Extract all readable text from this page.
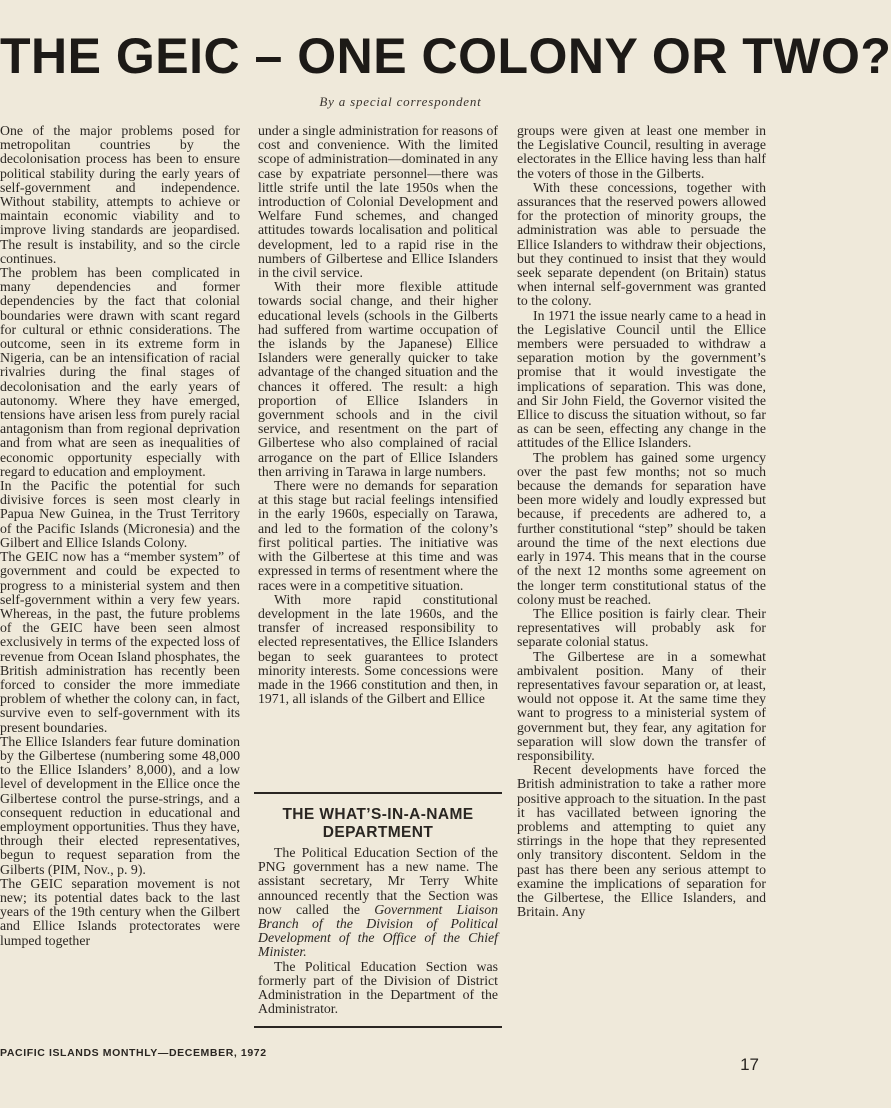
THE GEIC – ONE COLONY OR TWO?
By a special correspondent

One of the major problems posed for metropolitan countries by the decolonisation process has been to ensure political stability during the early years of self-government and independence. Without stability, attempts to achieve or maintain economic viability and to improve living standards are jeopardised. The result is instability, and so the circle continues.

The problem has been complicated in many dependencies and former dependencies by the fact that colonial boundaries were drawn with scant regard for cultural or ethnic considerations. The outcome, seen in its extreme form in Nigeria, can be an intensification of racial rivalries during the final stages of decolonisation and the early years of autonomy. Where they have emerged, tensions have arisen less from purely racial antagonism than from regional deprivation and from what are seen as inequalities of economic opportunity especially with regard to education and employment.

In the Pacific the potential for such divisive forces is seen most clearly in Papua New Guinea, in the Trust Territory of the Pacific Islands (Micronesia) and the Gilbert and Ellice Islands Colony.

The GEIC now has a “member system” of government and could be expected to progress to a ministerial system and then self-government within a very few years. Whereas, in the past, the future problems of the GEIC have been seen almost exclusively in terms of the expected loss of revenue from Ocean Island phosphates, the British administration has recently been forced to consider the more immediate problem of whether the colony can, in fact, survive even to self-government with its present boundaries.

The Ellice Islanders fear future domination by the Gilbertese (numbering some 48,000 to the Ellice Islanders’ 8,000), and a low level of development in the Ellice once the Gilbertese control the purse-strings, and a consequent reduction in educational and employment opportunities. Thus they have, through their elected representatives, begun to request separation from the Gilberts (PIM, Nov., p. 9).

The GEIC separation movement is not new; its potential dates back to the last years of the 19th century when the Gilbert and Ellice Islands protectorates were lumped together

under a single administration for reasons of cost and convenience. With the limited scope of administration—dominated in any case by expatriate personnel—there was little strife until the late 1950s when the introduction of Colonial Development and Welfare Fund schemes, and changed attitudes towards localisation and political development, led to a rapid rise in the numbers of Gilbertese and Ellice Islanders in the civil service.

With their more flexible attitude towards social change, and their higher educational levels (schools in the Gilberts had suffered from wartime occupation of the islands by the Japanese) Ellice Islanders were generally quicker to take advantage of the changed situation and the chances it offered. The result: a high proportion of Ellice Islanders in government schools and in the civil service, and resentment on the part of Gilbertese who also complained of racial arrogance on the part of Ellice Islanders then arriving in Tarawa in large numbers.

There were no demands for separation at this stage but racial feelings intensified in the early 1960s, especially on Tarawa, and led to the formation of the colony’s first political parties. The initiative was with the Gilbertese at this time and was expressed in terms of resentment where the races were in a competitive situation.

With more rapid constitutional development in the late 1960s, and the transfer of increased responsibility to elected representatives, the Ellice Islanders began to seek guarantees to protect minority interests. Some concessions were made in the 1966 constitution and then, in 1971, all islands of the Gilbert and Ellice

THE WHAT’S-IN-A-NAME DEPARTMENT

The Political Education Section of the PNG government has a new name. The assistant secretary, Mr Terry White announced recently that the Section was now called the Government Liaison Branch of the Division of Political Development of the Office of the Chief Minister.

The Political Education Section was formerly part of the Division of District Administration in the Department of the Administrator.

groups were given at least one member in the Legislative Council, resulting in average electorates in the Ellice having less than half the voters of those in the Gilberts.

With these concessions, together with assurances that the reserved powers allowed for the protection of minority groups, the administration was able to persuade the Ellice Islanders to withdraw their objections, but they continued to insist that they would seek separate dependent (on Britain) status when internal self-government was granted to the colony.

In 1971 the issue nearly came to a head in the Legislative Council until the Ellice members were persuaded to withdraw a separation motion by the government’s promise that it would investigate the implications of separation. This was done, and Sir John Field, the Governor visited the Ellice to discuss the situation without, so far as can be seen, effecting any change in the attitudes of the Ellice Islanders.

The problem has gained some urgency over the past few months; not so much because the demands for separation have been more widely and loudly expressed but because, if precedents are adhered to, a further constitutional “step” should be taken around the time of the next elections due early in 1974. This means that in the course of the next 12 months some agreement on the longer term constitutional status of the colony must be reached.

The Ellice position is fairly clear. Their representatives will probably ask for separate colonial status.

The Gilbertese are in a somewhat ambivalent position. Many of their representatives favour separation or, at least, would not oppose it. At the same time they want to progress to a ministerial system of government but, they fear, any agitation for separation will slow down the transfer of responsibility.

Recent developments have forced the British administration to take a rather more positive approach to the situation. In the past it has vacillated between ignoring the problems and attempting to quiet any stirrings in the hope that they represented only transitory discontent. Seldom in the past has there been any serious attempt to examine the implications of separation for the Gilbertese, the Ellice Islanders, and Britain. Any

PACIFIC ISLANDS MONTHLY—DECEMBER, 1972
17
